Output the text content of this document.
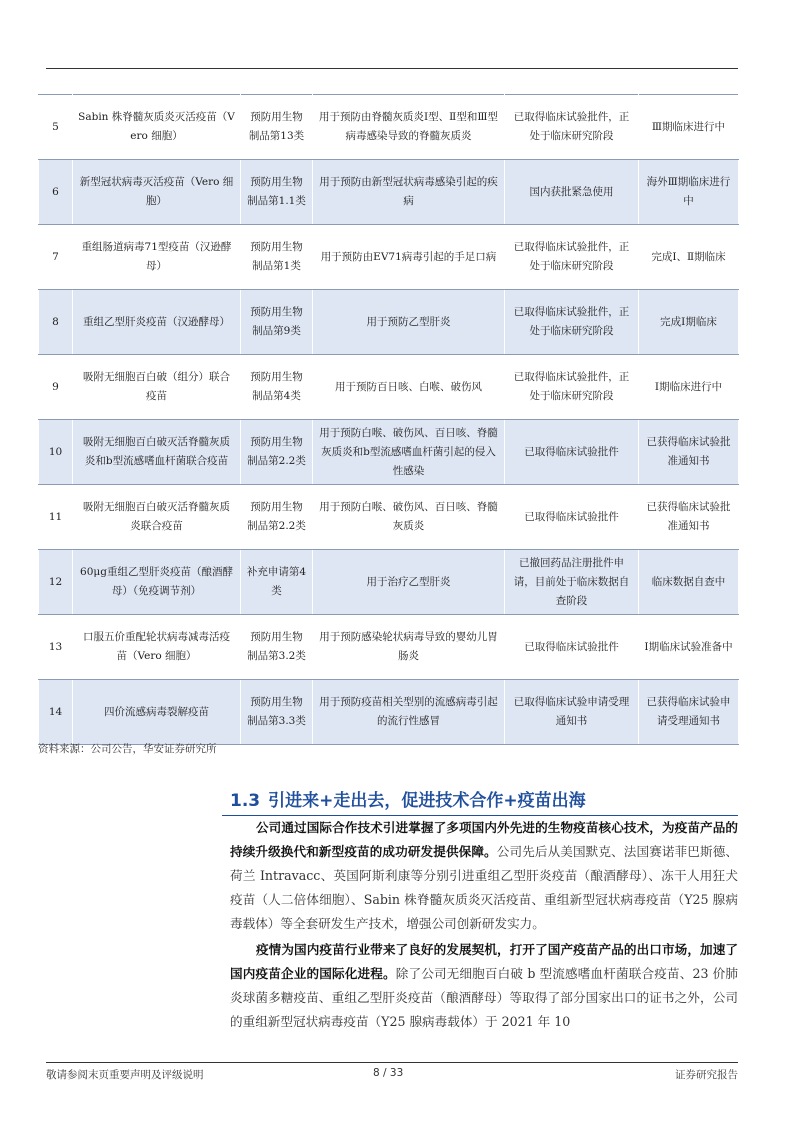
5	Sabin 株脊髓灰质炎灭活疫苗（Vero 细胞）	预防用生物制品第13类	用于预防由脊髓灰质炎Ⅰ型、Ⅱ型和Ⅲ型病毒感染导致的脊髓灰质炎	已取得临床试验批件，正处于临床研究阶段	Ⅲ期临床进行中
6	新型冠状病毒灭活疫苗（Vero 细胞）	预防用生物制品第1.1类	用于预防由新型冠状病毒感染引起的疾病	国内获批紧急使用	海外Ⅲ期临床进行中
7	重组肠道病毒71型疫苗（汉逊酵母）	预防用生物制品第1类	用于预防由EV71病毒引起的手足口病	已取得临床试验批件，正处于临床研究阶段	完成Ⅰ、Ⅱ期临床
8	重组乙型肝炎疫苗（汉逊酵母）	预防用生物制品第9类	用于预防乙型肝炎	已取得临床试验批件，正处于临床研究阶段	完成Ⅰ期临床
9	吸附无细胞百白破（组分）联合疫苗	预防用生物制品第4类	用于预防百日咳、白喉、破伤风	已取得临床试验批件，正处于临床研究阶段	Ⅰ期临床进行中
10	吸附无细胞百白破灭活脊髓灰质炎和b型流感嗜血杆菌联合疫苗	预防用生物制品第2.2类	用于预防白喉、破伤风、百日咳、脊髓灰质炎和b型流感嗜血杆菌引起的侵入性感染	已取得临床试验批件	已获得临床试验批准通知书
11	吸附无细胞百白破灭活脊髓灰质炎联合疫苗	预防用生物制品第2.2类	用于预防白喉、破伤风、百日咳、脊髓灰质炎	已取得临床试验批件	已获得临床试验批准通知书
12	60μg重组乙型肝炎疫苗（酿酒酵母）（免疫调节剂）	补充申请第4类	用于治疗乙型肝炎	已撤回药品注册批件申请，目前处于临床数据自查阶段	临床数据自查中
13	口服五价重配轮状病毒减毒活疫苗（Vero 细胞）	预防用生物制品第3.2类	用于预防感染轮状病毒导致的婴幼儿胃肠炎	已取得临床试验批件	Ⅰ期临床试验准备中
14	四价流感病毒裂解疫苗	预防用生物制品第3.3类	用于预防疫苗相关型别的流感病毒引起的流行性感冒	已取得临床试验申请受理通知书	已获得临床试验申请受理通知书
资料来源：公司公告，华安证券研究所
1.3 引进来+走出去，促进技术合作+疫苗出海

公司通过国际合作技术引进掌握了多项国内外先进的生物疫苗核心技术，为疫苗产品的持续升级换代和新型疫苗的成功研发提供保障。公司先后从美国默克、法国赛诺菲巴斯德、荷兰 Intravacc、英国阿斯利康等分别引进重组乙型肝炎疫苗（酿酒酵母）、冻干人用狂犬疫苗（人二倍体细胞）、Sabin 株脊髓灰质炎灭活疫苗、重组新型冠状病毒疫苗（Y25 腺病毒载体）等全套研发生产技术，增强公司创新研发实力。

疫情为国内疫苗行业带来了良好的发展契机，打开了国产疫苗产品的出口市场，加速了国内疫苗企业的国际化进程。除了公司无细胞百白破 b 型流感嗜血杆菌联合疫苗、23 价肺炎球菌多糖疫苗、重组乙型肝炎疫苗（酿酒酵母）等取得了部分国家出口的证书之外，公司的重组新型冠状病毒疫苗（Y25 腺病毒载体）于 2021 年 10

敬请参阅末页重要声明及评级说明	8 / 33	证券研究报告
